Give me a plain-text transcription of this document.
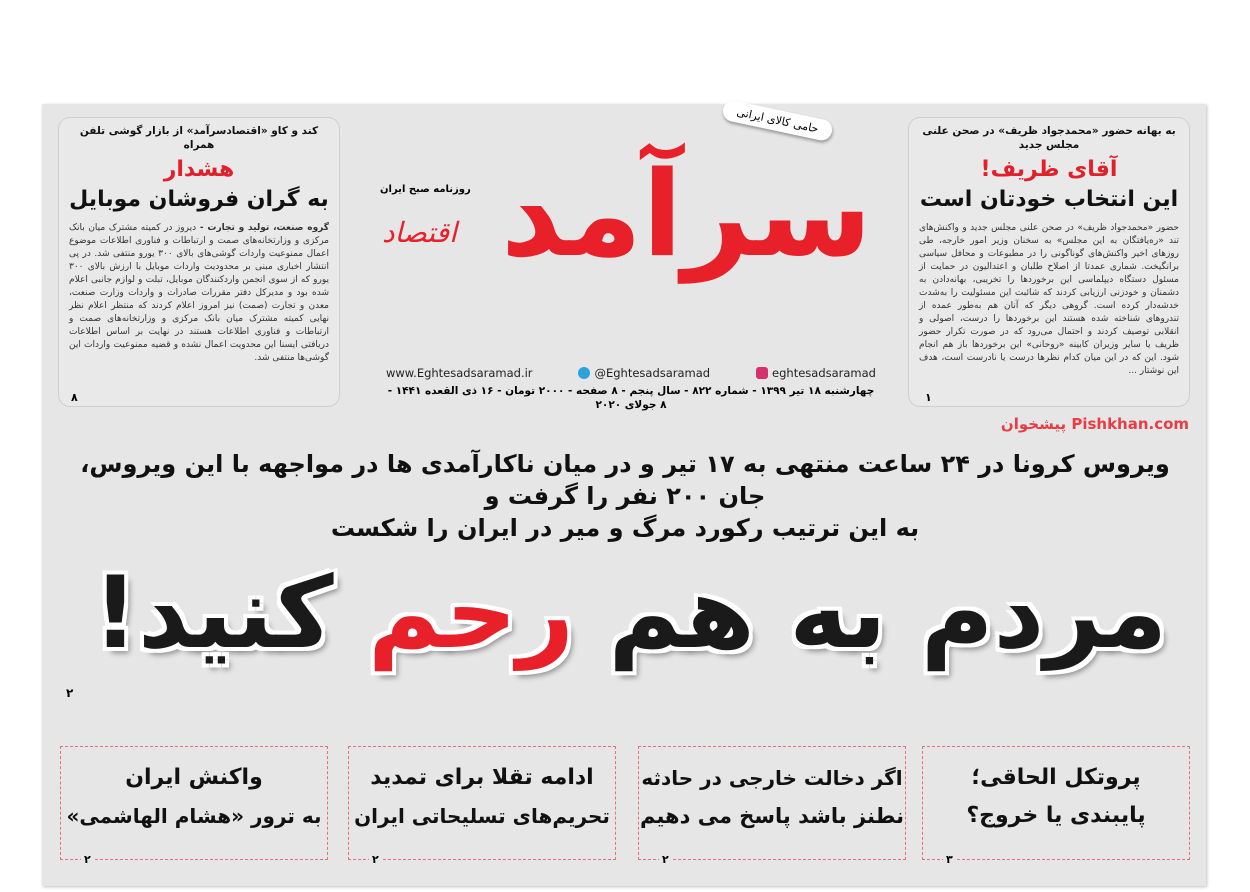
کند و کاو «اقتصادسرآمد» از بازار گوشی تلفن همراه
هشدار
به گران فروشان موبایل
گروه صنعت، تولید و تجارت - دیروز در کمیته مشترک میان بانک مرکزی و وزارتخانه‌های صمت و ارتباطات و فناوری اطلاعات موضوع اعمال ممنوعیت واردات گوشی‌های بالای ۳۰۰ یورو منتفی شد. در پی انتشار اخباری مبنی بر محدودیت واردات موبایل با ارزش بالای ۳۰۰ یورو که از سوی انجمن واردکنندگان موبایل، تبلت و لوازم جانبی اعلام شده بود و مدیرکل دفتر مقررات صادرات و واردات وزارت صنعت، معدن و تجارت (صمت) نیز امروز اعلام کردند که منتظر اعلام نظر نهایی کمیته مشترک میان بانک مرکزی و وزارتخانه‌های صمت و ارتباطات و فناوری اطلاعات هستند در نهایت بر اساس اطلاعات دریافتی ایسنا این محدویت اعمال نشده و قضیه ممنوعیت واردات این گوشی‌ها منتفی شد.
۸
به بهانه حضور «محمدجواد ظریف» در صحن علنی مجلس جدید
آقای ظریف!
این انتخاب خودتان است
حضور «محمدجواد ظریف» در صحن علنی مجلس جدید و واکنش‌های تند «ره‌یافتگان به این مجلس» به سخنان وزیر امور خارجه، طی روزهای اخیر واکنش‌های گوناگونی را در مطبوعات و محافل سیاسی برانگیخت. شماری عمدتا از اصلاح طلبان و اعتدالیون در حمایت از مسئول دستگاه دیپلماسی این برخوردها را تخریبی، بهانه‌دادن به دشمنان و خودزنی ارزیابی کردند که شائبت این مسئولیت را به‌شدت خدشه‌دار کرده است. گروهی دیگر که آنان هم به‌طور عمده از تندروهای شناخته شده هستند این برخوردها را درست، اصولی و انقلابی توصیف کردند و احتمال می‌رود که در صورت تکرار حضور ظریف یا سایر وزیران کابینه «روحانی» این برخوردها باز هم انجام شود. این که در این میان کدام نظرها درست یا نادرست است، هدف این نوشتار ...
۱
سرآمد
اقتصاد
حامی کالای ایرانی
روزنامه صبح ایران
www.Eghtesadsaramad.ir	@Eghtesadsaramad	eghtesadsaramad
چهارشنبه ۱۸ تیر ۱۳۹۹ - شماره ۸۲۲ - سال پنجم - ۸ صفحه - ۲۰۰۰ تومان - ۱۶ ذی القعده ۱۴۴۱ - ۸ جولای ۲۰۲۰
پیشخوان Pishkhan.com
ویروس کرونا در ۲۴ ساعت منتهی به ۱۷ تیر و در میان ناکارآمدی ها در مواجهه با این ویروس، جان ۲۰۰ نفر را گرفت و
به این ترتیب رکورد مرگ و میر در ایران را شکست
مردم به هم رحم کنید!
۲
پروتکل الحاقی؛
پایبندی یا خروج؟
۳
اگر دخالت خارجی در حادثه
نطنز باشد پاسخ می دهیم
۲
ادامه تقلا برای تمدید
تحریم‌های تسلیحاتی ایران
۲
واکنش ایران
به ترور «هشام الهاشمی»
۲
